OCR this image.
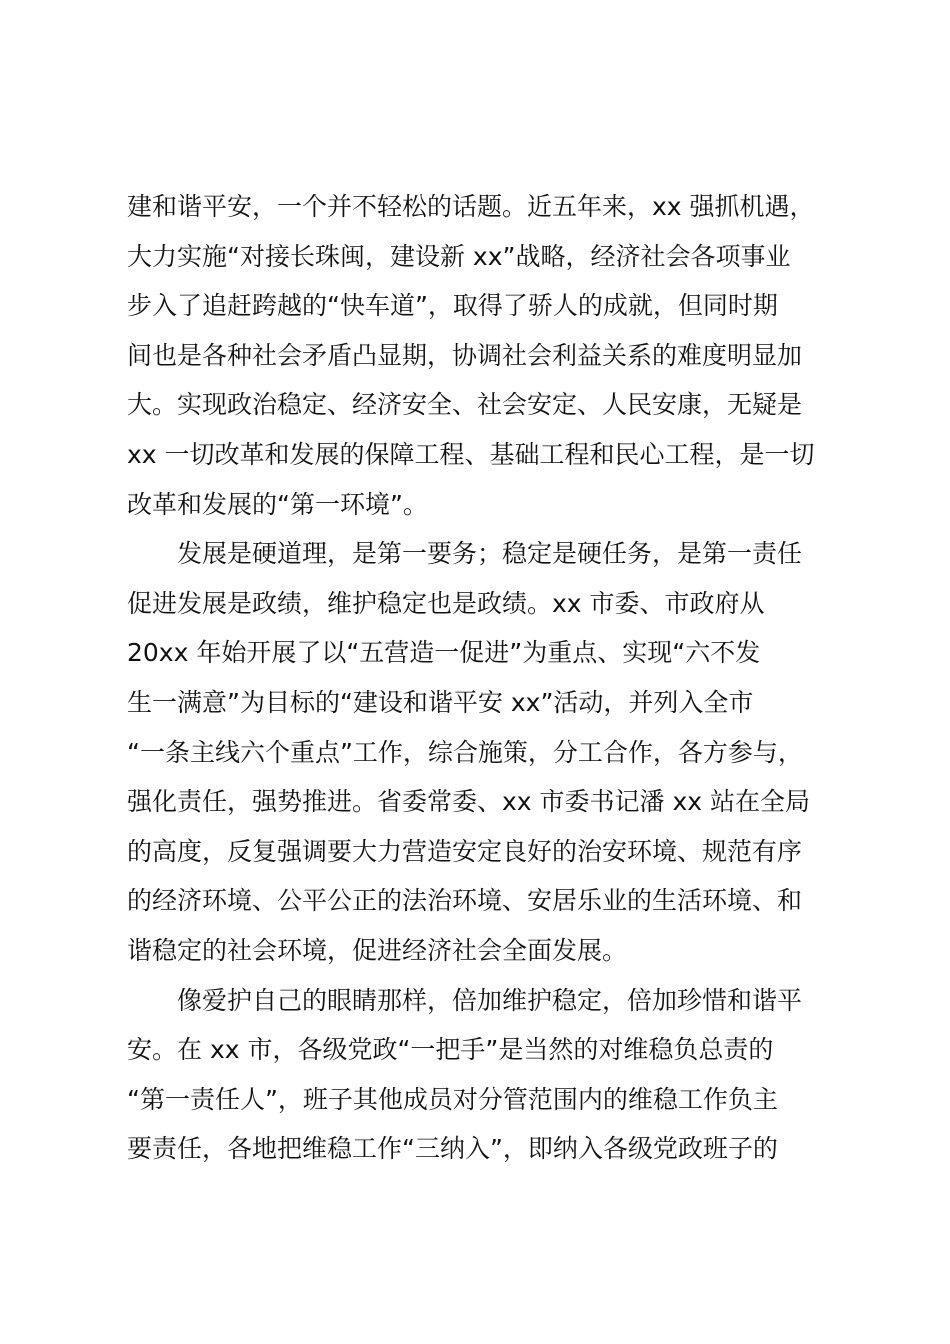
建和谐平安，一个并不轻松的话题。近五年来，xx 强抓机遇，
大力实施“对接长珠闽，建设新 xx”战略，经济社会各项事业
步入了追赶跨越的“快车道”，取得了骄人的成就，但同时期
间也是各种社会矛盾凸显期，协调社会利益关系的难度明显加
大。实现政治稳定、经济安全、社会安定、人民安康，无疑是
xx 一切改革和发展的保障工程、基础工程和民心工程，是一切
改革和发展的“第一环境”。
　　发展是硬道理，是第一要务；稳定是硬任务，是第一责任
促进发展是政绩，维护稳定也是政绩。xx 市委、市政府从
20xx 年始开展了以“五营造一促进”为重点、实现“六不发
生一满意”为目标的“建设和谐平安 xx”活动，并列入全市
“一条主线六个重点”工作，综合施策，分工合作，各方参与，
强化责任，强势推进。省委常委、xx 市委书记潘 xx 站在全局
的高度，反复强调要大力营造安定良好的治安环境、规范有序
的经济环境、公平公正的法治环境、安居乐业的生活环境、和
谐稳定的社会环境，促进经济社会全面发展。
　　像爱护自己的眼睛那样，倍加维护稳定，倍加珍惜和谐平
安。在 xx 市，各级党政“一把手”是当然的对维稳负总责的
“第一责任人”，班子其他成员对分管范围内的维稳工作负主
要责任，各地把维稳工作“三纳入”，即纳入各级党政班子的
